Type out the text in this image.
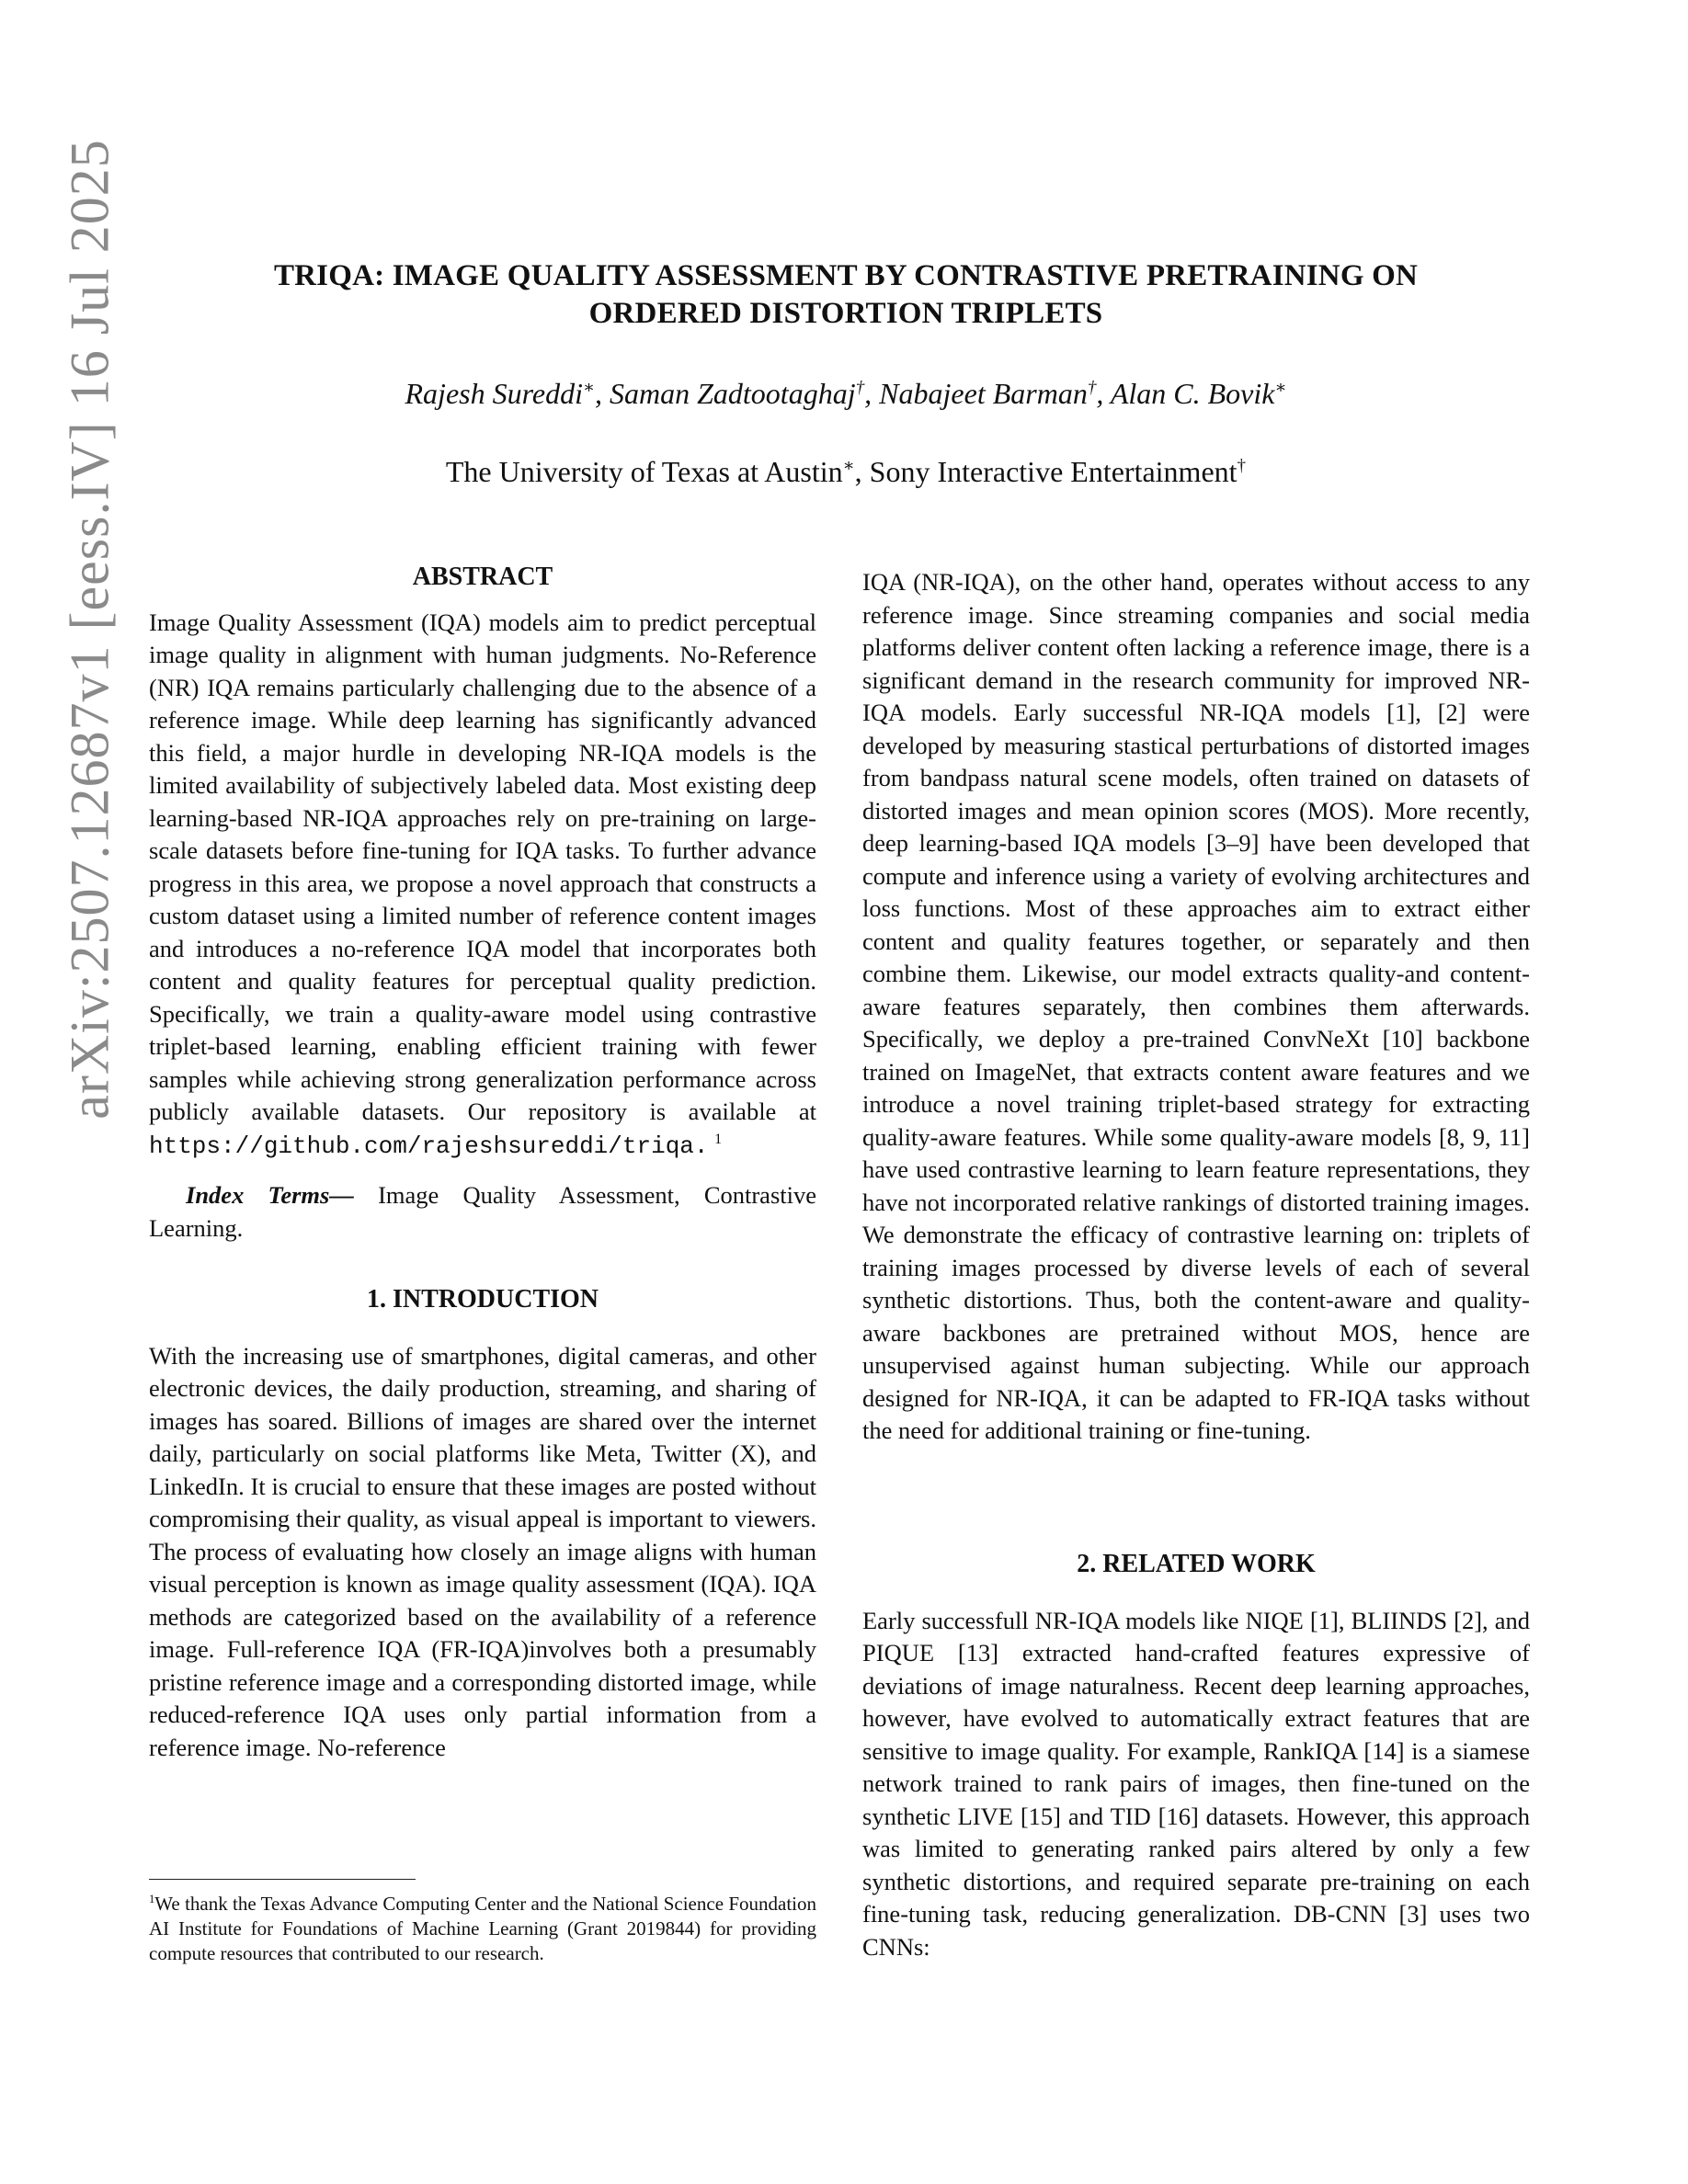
arXiv:2507.12687v1 [eess.IV] 16 Jul 2025	TRIQA: IMAGE QUALITY ASSESSMENT BY CONTRASTIVE PRETRAINING ON
ORDERED DISTORTION TRIPLETS
Rajesh Sureddi∗, Saman Zadtootaghaj†, Nabajeet Barman†, Alan C. Bovik∗
The University of Texas at Austin∗, Sony Interactive Entertainment†
ABSTRACT

Image Quality Assessment (IQA) models aim to predict perceptual image quality in alignment with human judgments. No-Reference (NR) IQA remains particularly challenging due to the absence of a reference image. While deep learning has significantly advanced this field, a major hurdle in developing NR-IQA models is the limited availability of subjectively labeled data. Most existing deep learning-based NR-IQA approaches rely on pre-training on large-scale datasets before fine-tuning for IQA tasks. To further advance progress in this area, we propose a novel approach that constructs a custom dataset using a limited number of reference content images and introduces a no-reference IQA model that incorporates both content and quality features for perceptual quality prediction. Specifically, we train a quality-aware model using contrastive triplet-based learning, enabling efficient training with fewer samples while achieving strong generalization performance across publicly available datasets. Our repository is available at https://github.com/rajeshsureddi/triqa. $^1$

Index Terms— Image Quality Assessment, Contrastive Learning.

1. INTRODUCTION

With the increasing use of smartphones, digital cameras, and other electronic devices, the daily production, streaming, and sharing of images has soared. Billions of images are shared over the internet daily, particularly on social platforms like Meta, Twitter (X), and LinkedIn. It is crucial to ensure that these images are posted without compromising their quality, as visual appeal is important to viewers. The process of evaluating how closely an image aligns with human visual perception is known as image quality assessment (IQA). IQA methods are categorized based on the availability of a reference image. Full-reference IQA (FR-IQA)involves both a presumably pristine reference image and a corresponding distorted image, while reduced-reference IQA uses only partial information from a reference image. No-reference

IQA (NR-IQA), on the other hand, operates without access to any reference image. Since streaming companies and social media platforms deliver content often lacking a reference image, there is a significant demand in the research community for improved NR-IQA models. Early successful NR-IQA models [1], [2] were developed by measuring stastical perturbations of distorted images from bandpass natural scene models, often trained on datasets of distorted images and mean opinion scores (MOS). More recently, deep learning-based IQA models [3–9] have been developed that compute and inference using a variety of evolving architectures and loss functions. Most of these approaches aim to extract either content and quality features together, or separately and then combine them. Likewise, our model extracts quality-and content-aware features separately, then combines them afterwards. Specifically, we deploy a pre-trained ConvNeXt [10] backbone trained on ImageNet, that extracts content aware features and we introduce a novel training triplet-based strategy for extracting quality-aware features. While some quality-aware models [8, 9, 11] have used contrastive learning to learn feature representations, they have not incorporated relative rankings of distorted training images. We demonstrate the efficacy of contrastive learning on: triplets of training images processed by diverse levels of each of several synthetic distortions. Thus, both the content-aware and quality-aware backbones are pretrained without MOS, hence are unsupervised against human subjecting. While our approach designed for NR-IQA, it can be adapted to FR-IQA tasks without the need for additional training or fine-tuning.

2. RELATED WORK

Early successfull NR-IQA models like NIQE [1], BLIINDS [2], and PIQUE [13] extracted hand-crafted features expressive of deviations of image naturalness. Recent deep learning approaches, however, have evolved to automatically extract features that are sensitive to image quality. For example, RankIQA [14] is a siamese network trained to rank pairs of images, then fine-tuned on the synthetic LIVE [15] and TID [16] datasets. However, this approach was limited to generating ranked pairs altered by only a few synthetic distortions, and required separate pre-training on each fine-tuning task, reducing generalization. DB-CNN [3] uses two CNNs:

$^1$We thank the Texas Advance Computing Center and the National Science Foundation AI Institute for Foundations of Machine Learning (Grant 2019844) for providing compute resources that contributed to our research.
